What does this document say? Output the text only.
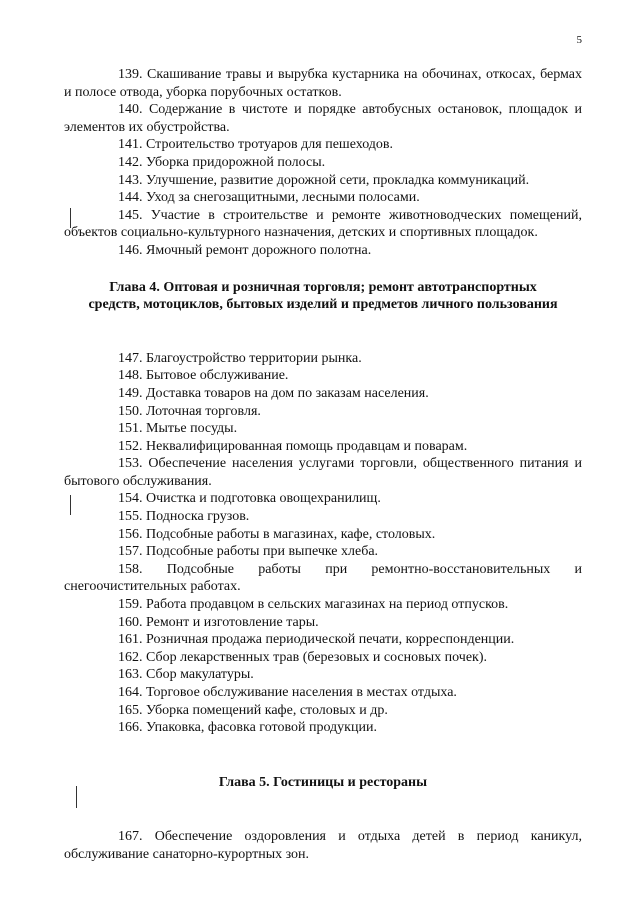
5

139. Скашивание травы и вырубка кустарника на обочинах, откосах, бермах и полосе отвода, уборка порубочных остатков.

140. Содержание в чистоте и порядке автобусных остановок, площадок и элементов их обустройства.

141. Строительство тротуаров для пешеходов.

142. Уборка придорожной полосы.

143. Улучшение, развитие дорожной сети, прокладка коммуникаций.

144. Уход за снегозащитными, лесными полосами.

145. Участие в строительстве и ремонте животноводческих помещений, объектов социально-культурного назначения, детских и спортивных площадок.

146. Ямочный ремонт дорожного полотна.

Глава 4. Оптовая и розничная торговля; ремонт автотранспортных средств, мотоциклов, бытовых изделий и предметов личного пользования

147. Благоустройство территории рынка.

148. Бытовое обслуживание.

149. Доставка товаров на дом по заказам населения.

150. Лоточная торговля.

151. Мытье посуды.

152. Неквалифицированная помощь продавцам и поварам.

153. Обеспечение населения услугами торговли, общественного питания и бытового обслуживания.

154. Очистка и подготовка овощехранилищ.

155. Подноска грузов.

156. Подсобные работы в магазинах, кафе, столовых.

157. Подсобные работы при выпечке хлеба.

158. Подсобные работы при ремонтно-восстановительных и снегоочистительных работах.

159. Работа продавцом в сельских магазинах на период отпусков.

160. Ремонт и изготовление тары.

161. Розничная продажа периодической печати, корреспонденции.

162. Сбор лекарственных трав (березовых и сосновых почек).

163. Сбор макулатуры.

164. Торговое обслуживание населения в местах отдыха.

165. Уборка помещений кафе, столовых и др.

166. Упаковка, фасовка готовой продукции.

Глава 5. Гостиницы и рестораны

167. Обеспечение оздоровления и отдыха детей в период каникул, обслуживание санаторно-курортных зон.
